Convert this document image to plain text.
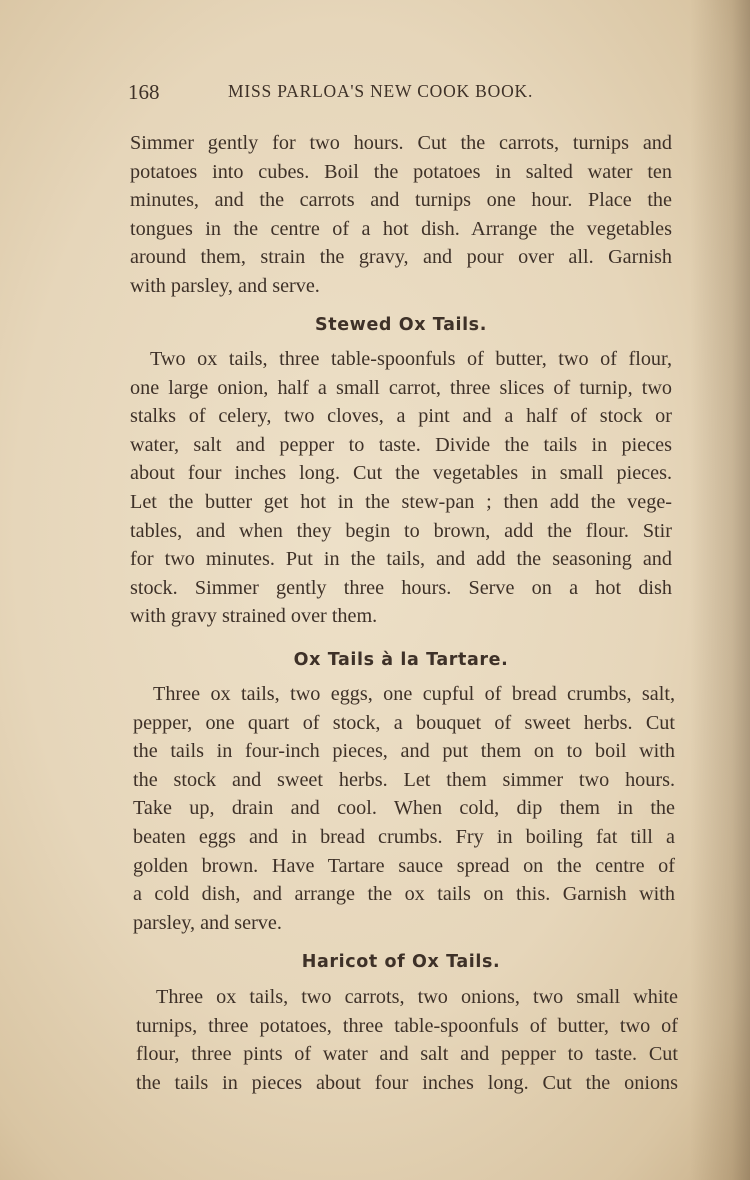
168	MISS PARLOA'S NEW COOK BOOK.
Simmer gently for two hours. Cut the carrots, turnips and
potatoes into cubes. Boil the potatoes in salted water ten
minutes, and the carrots and turnips one hour. Place the
tongues in the centre of a hot dish. Arrange the vegetables
around them, strain the gravy, and pour over all. Garnish
with parsley, and serve.
Stewed Ox Tails.
Two ox tails, three table-spoonfuls of butter, two of flour,
one large onion, half a small carrot, three slices of turnip, two
stalks of celery, two cloves, a pint and a half of stock or
water, salt and pepper to taste. Divide the tails in pieces
about four inches long. Cut the vegetables in small pieces.
Let the butter get hot in the stew-pan ; then add the vege-
tables, and when they begin to brown, add the flour. Stir
for two minutes. Put in the tails, and add the seasoning and
stock. Simmer gently three hours. Serve on a hot dish
with gravy strained over them.
Ox Tails à la Tartare.
Three ox tails, two eggs, one cupful of bread crumbs, salt,
pepper, one quart of stock, a bouquet of sweet herbs. Cut
the tails in four-inch pieces, and put them on to boil with
the stock and sweet herbs. Let them simmer two hours.
Take up, drain and cool. When cold, dip them in the
beaten eggs and in bread crumbs. Fry in boiling fat till a
golden brown. Have Tartare sauce spread on the centre of
a cold dish, and arrange the ox tails on this. Garnish with
parsley, and serve.
Haricot of Ox Tails.
Three ox tails, two carrots, two onions, two small white
turnips, three potatoes, three table-spoonfuls of butter, two of
flour, three pints of water and salt and pepper to taste. Cut
the tails in pieces about four inches long. Cut the onions
